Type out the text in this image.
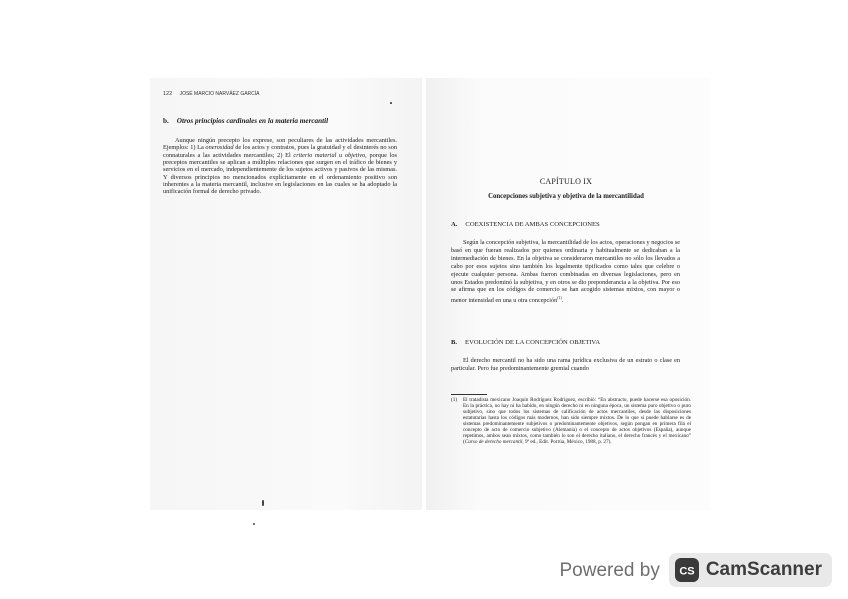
122 JOSÉ MARCIO NARVÁEZ GARCÍA
b. Otros principios cardinales en la materia mercantil

Aunque ningún precepto los exprese, son peculiares de las actividades mercantiles. Ejemplos: 1) La onerosidad de los actos y contratos, pues la gratuidad y el desinterés no son connaturales a las actividades mercantiles; 2) El criterio material u objetivo, porque los preceptos mercantiles se aplican a múltiples relaciones que surgen en el tráfico de bienes y servicios en el mercado, independientemente de los sujetos activos y pasivos de las mismas. Y diversos principios no mencionados explícitamente en el ordenamiento positivo son inherentes a la materia mercantil, inclusive en legislaciones en las cuales se ha adoptado la unificación formal de derecho privado.

CAPÍTULO IX
Concepciones subjetiva y objetiva de la mercantilidad
A. COEXISTENCIA DE AMBAS CONCEPCIONES

Según la concepción subjetiva, la mercantilidad de los actos, operaciones y negocios se basó en que fueran realizados por quienes ordinaria y habitualmente se dedicaban a la intermediación de bienes. En la objetiva se consideraron mercantiles no sólo los llevados a cabo por esos sujetos sino también los legalmente tipificados como tales que celebre o ejecute cualquier persona. Ambas fueron combinadas en diversas legislaciones, pero en unos Estados predominó la subjetiva, y en otros se dio preponderancia a la objetiva. Por eso se afirma que en los códigos de comercio se han acogido sistemas mixtos, con mayor o menor intensidad en una u otra concepción$^{(1)}$.

B. EVOLUCIÓN DE LA CONCEPCIÓN OBJETIVA

El derecho mercantil no ha sido una rama jurídica exclusiva de un estrato o clase en particular. Pero fue predominantemente gremial cuando

(1) El tratadista mexicano Joaquín Rodríguez Rodríguez, escribió: “En abstracto, puede hacerse esa oposición. En la práctica, no hay ni ha habido, en ningún derecho ni en ninguna época, un sistema puro objetivo o puro subjetivo, sino que todos los sistemas de calificación de actos mercantiles, desde las disposiciones estatutarias hasta los códigos más modernos, han sido siempre mixtos. De lo que sí puede hablarse es de sistemas predominantemente subjetivos o predominantemente objetivos, según pongan en primera fila el concepto de acto de comercio subjetivo (Alemania) o el concepto de actos objetivos (España), aunque repetimos, ambos sean mixtos, como también lo son el derecho italiano, el derecho francés y el mexicano” (Curso de derecho mercantil, 9ª ed., Edit. Porrúa, México, 1988, p. 27).

Powered by CS CamScanner
